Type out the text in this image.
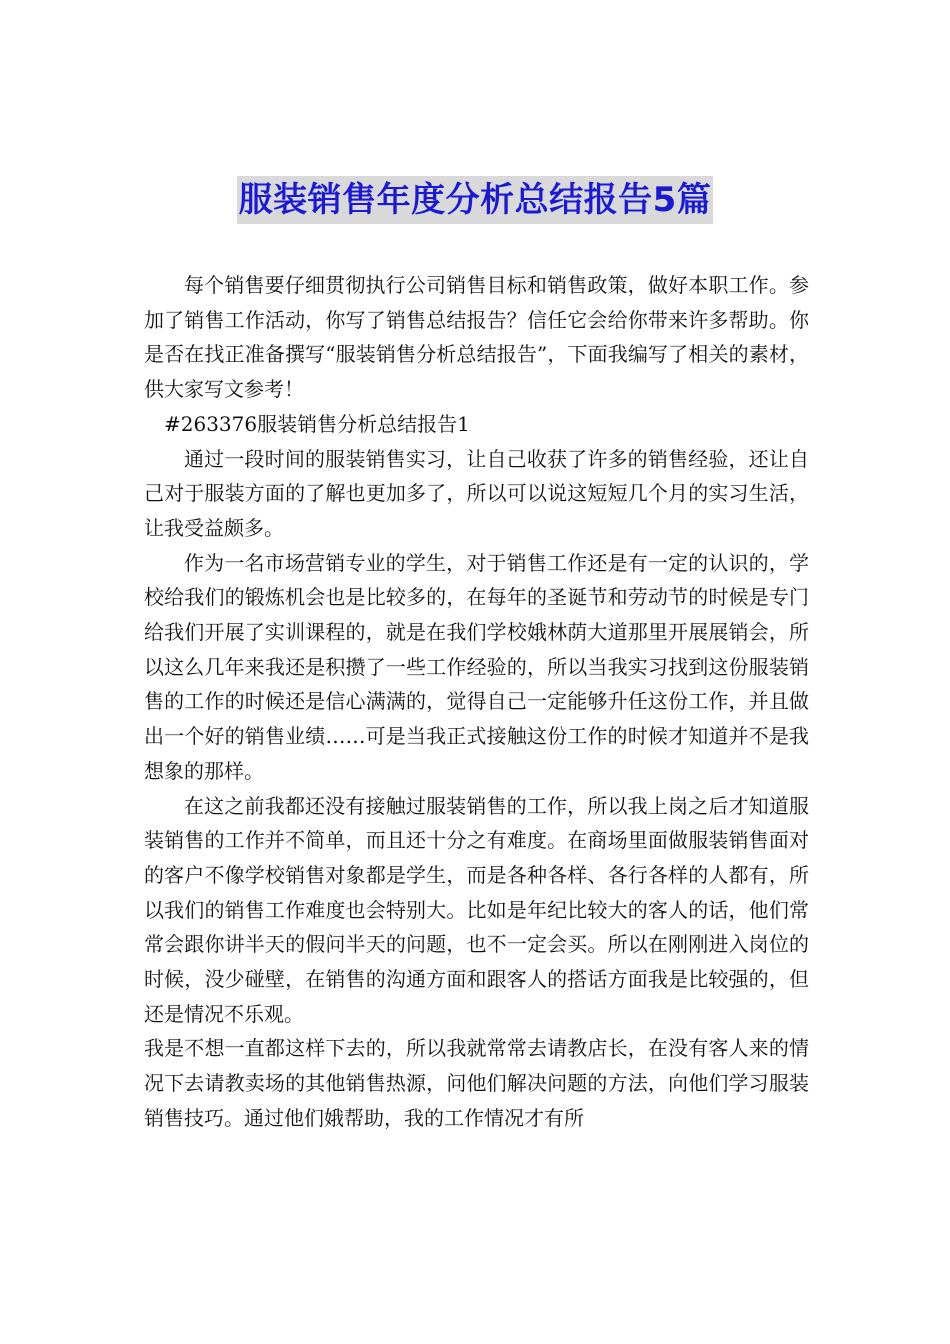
服装销售年度分析总结报告5篇

每个销售要仔细贯彻执行公司销售目标和销售政策，做好本职工作。参加了销售工作活动，你写了销售总结报告？信任它会给你带来许多帮助。你是否在找正准备撰写“服装销售分析总结报告”，下面我编写了相关的素材，供大家写文参考！

#263376服装销售分析总结报告1

通过一段时间的服装销售实习，让自己收获了许多的销售经验，还让自己对于服装方面的了解也更加多了，所以可以说这短短几个月的实习生活，让我受益颇多。

作为一名市场营销专业的学生，对于销售工作还是有一定的认识的，学校给我们的锻炼机会也是比较多的，在每年的圣诞节和劳动节的时候是专门给我们开展了实训课程的，就是在我们学校娥林荫大道那里开展展销会，所以这么几年来我还是积攒了一些工作经验的，所以当我实习找到这份服装销售的工作的时候还是信心满满的，觉得自己一定能够升任这份工作，并且做出一个好的销售业绩……可是当我正式接触这份工作的时候才知道并不是我想象的那样。

在这之前我都还没有接触过服装销售的工作，所以我上岗之后才知道服装销售的工作并不简单，而且还十分之有难度。在商场里面做服装销售面对的客户不像学校销售对象都是学生，而是各种各样、各行各样的人都有，所以我们的销售工作难度也会特别大。比如是年纪比较大的客人的话，他们常常会跟你讲半天的假问半天的问题，也不一定会买。所以在刚刚进入岗位的时候，没少碰壁，在销售的沟通方面和跟客人的搭话方面我是比较强的，但还是情况不乐观。

我是不想一直都这样下去的，所以我就常常去请教店长，在没有客人来的情况下去请教卖场的其他销售热源，问他们解决问题的方法，向他们学习服装销售技巧。通过他们娥帮助，我的工作情况才有所
